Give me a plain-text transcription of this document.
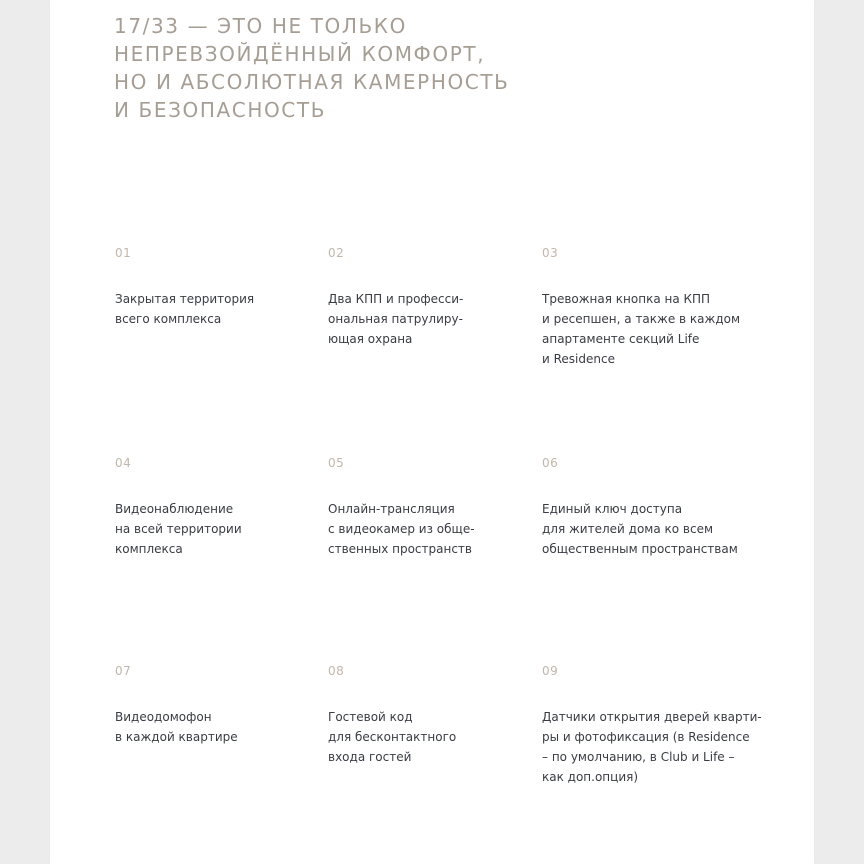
17/33 — ЭТО НЕ ТОЛЬКО
НЕПРЕВЗОЙДЁННЫЙ КОМФОРТ,
НО И АБСОЛЮТНАЯ КАМЕРНОСТЬ
И БЕЗОПАСНОСТЬ
01
Закрытая территория
всего комплекса
02
Два КПП и професси-
ональная патрулиру-
ющая охрана
03
Тревожная кнопка на КПП
и ресепшен, а также в каждом
апартаменте секций Life
и Residence
04
Видеонаблюдение
на всей территории
комплекса
05
Онлайн-трансляция
с видеокамер из обще-
ственных пространств
06
Единый ключ доступа
для жителей дома ко всем
общественным пространствам
07
Видеодомофон
в каждой квартире
08
Гостевой код
для бесконтактного
входа гостей
09
Датчики открытия дверей кварти-
ры и фотофиксация (в Residence
– по умолчанию, в Club и Life –
как доп.опция)
